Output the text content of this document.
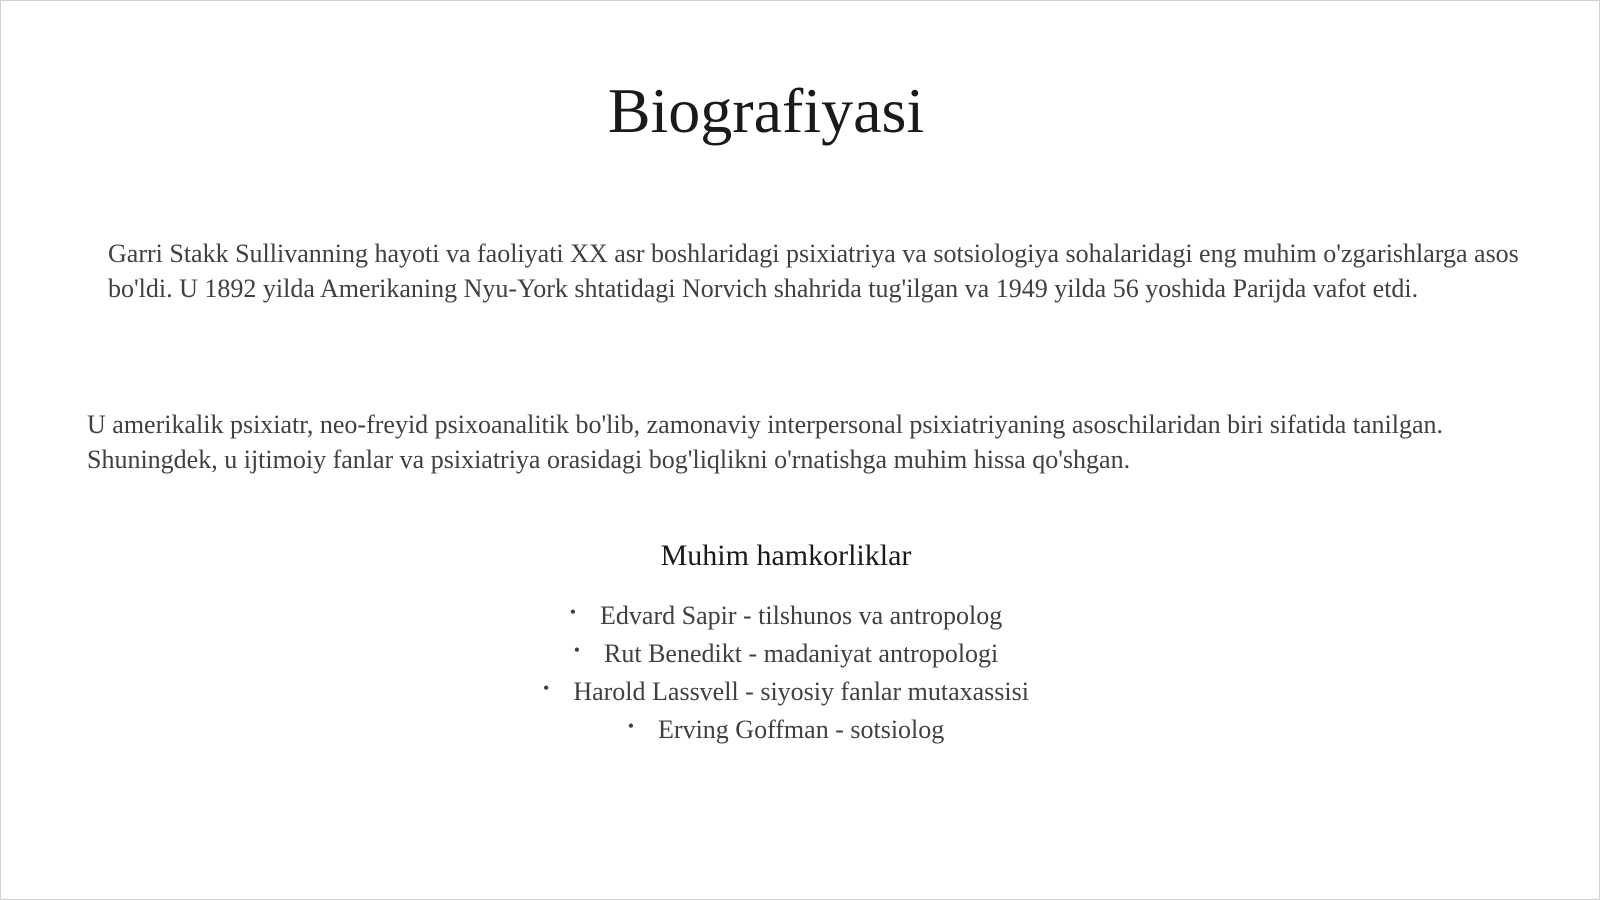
Biografiyasi

Garri Stakk Sullivanning hayoti va faoliyati XX asr boshlaridagi psixiatriya va sotsiologiya sohalaridagi eng muhim o'zgarishlarga asos bo'ldi. U 1892 yilda Amerikaning Nyu-York shtatidagi Norvich shahrida tug'ilgan va 1949 yilda 56 yoshida Parijda vafot etdi.

U amerikalik psixiatr, neo-freyid psixoanalitik bo'lib, zamonaviy interpersonal psixiatriyaning asoschilaridan biri sifatida tanilgan. Shuningdek, u ijtimoiy fanlar va psixiatriya orasidagi bog'liqlikni o'rnatishga muhim hissa qo'shgan.

Muhim hamkorliklar
• Edvard Sapir - tilshunos va antropolog
• Rut Benedikt - madaniyat antropologi
• Harold Lassvell - siyosiy fanlar mutaxassisi
• Erving Goffman - sotsiolog
